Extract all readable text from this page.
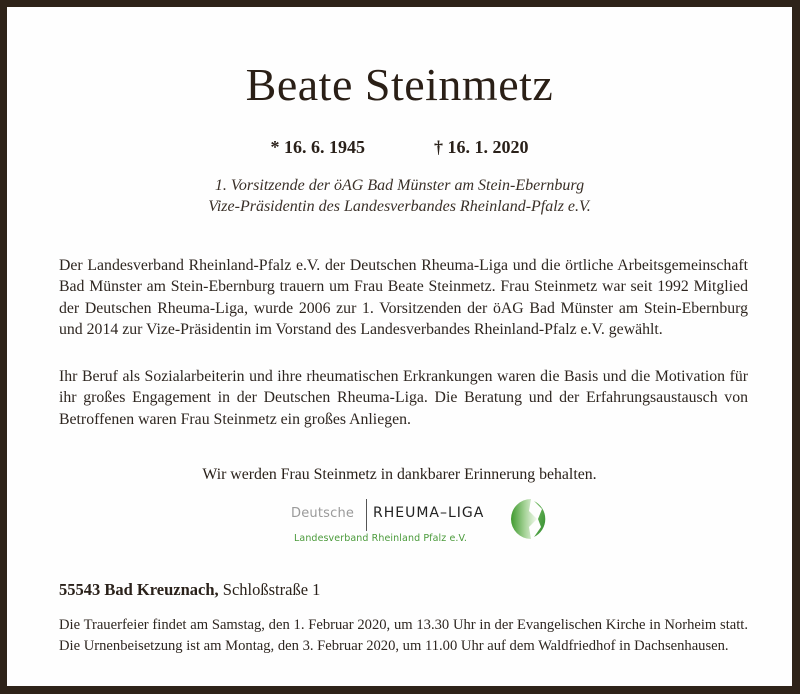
Beate Steinmetz
* 16. 6. 1945	† 16. 1. 2020
1. Vorsitzende der öAG Bad Münster am Stein-Ebernburg
Vize-Präsidentin des Landesverbandes Rheinland-Pfalz e.V.
Der Landesverband Rheinland-Pfalz e.V. der Deutschen Rheuma-Liga und die örtliche Arbeitsgemeinschaft Bad Münster am Stein-Ebernburg trauern um Frau Beate Steinmetz. Frau Steinmetz war seit 1992 Mitglied der Deutschen Rheuma-Liga, wurde 2006 zur 1. Vorsitzenden der öAG Bad Münster am Stein-Ebernburg und 2014 zur Vize-Präsidentin im Vorstand des Landesverbandes Rheinland-Pfalz e.V. gewählt.
Ihr Beruf als Sozialarbeiterin und ihre rheumatischen Erkrankungen waren die Basis und die Motivation für ihr großes Engagement in der Deutschen Rheuma-Liga. Die Beratung und der Erfahrungsaustausch von Betroffenen waren Frau Steinmetz ein großes Anliegen.
Wir werden Frau Steinmetz in dankbarer Erinnerung behalten.
Deutsche RHEUMA–LIGA
Landesverband Rheinland Pfalz e.V.
55543 Bad Kreuznach, Schloßstraße 1
Die Trauerfeier findet am Samstag, den 1. Februar 2020, um 13.30 Uhr in der Evangelischen Kirche in Norheim statt. Die Urnenbeisetzung ist am Montag, den 3. Februar 2020, um 11.00 Uhr auf dem Waldfriedhof in Dachsenhausen.
